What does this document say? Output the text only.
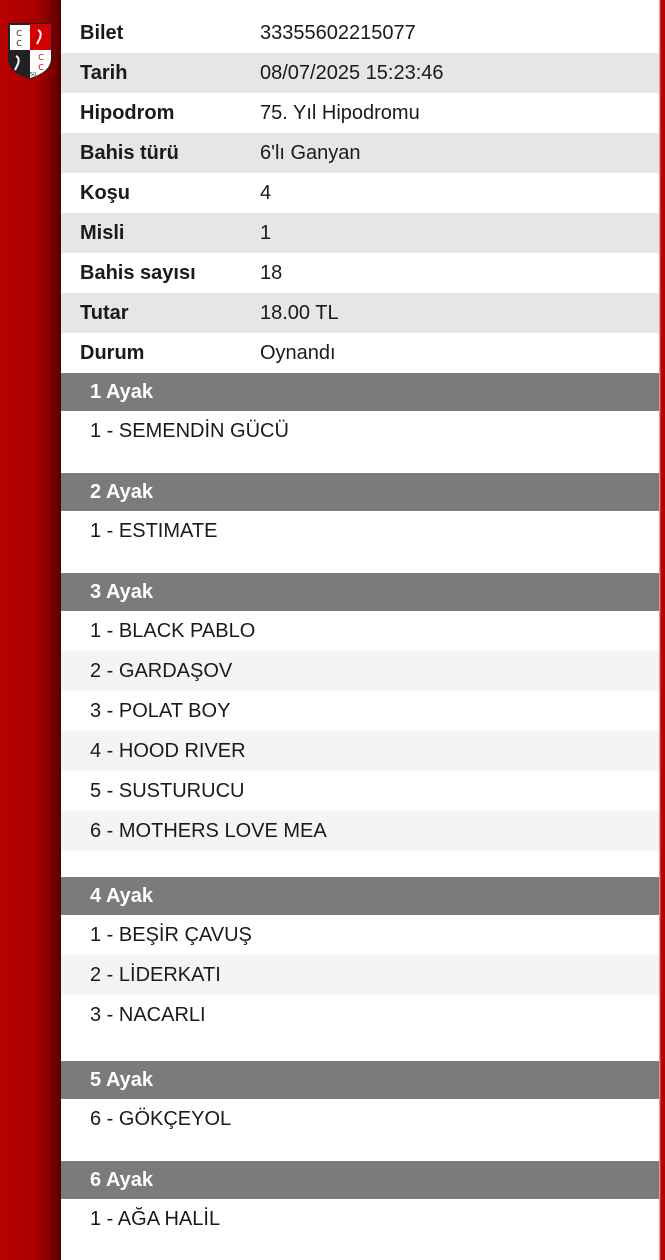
C
C
C
C
1950
Bilet	33355602215077
Tarih	08/07/2025 15:23:46
Hipodrom	75. Yıl Hipodromu
Bahis türü	6'lı Ganyan
Koşu	4
Misli	1
Bahis sayısı	18
Tutar	18.00 TL
Durum	Oynandı
1 Ayak
1 - SEMENDİN GÜCÜ
2 Ayak
1 - ESTIMATE
3 Ayak
1 - BLACK PABLO
2 - GARDAŞOV
3 - POLAT BOY
4 - HOOD RIVER
5 - SUSTURUCU
6 - MOTHERS LOVE MEA
4 Ayak
1 - BEŞİR ÇAVUŞ
2 - LİDERKATI
3 - NACARLI
5 Ayak
6 - GÖKÇEYOL
6 Ayak
1 - AĞA HALİL
